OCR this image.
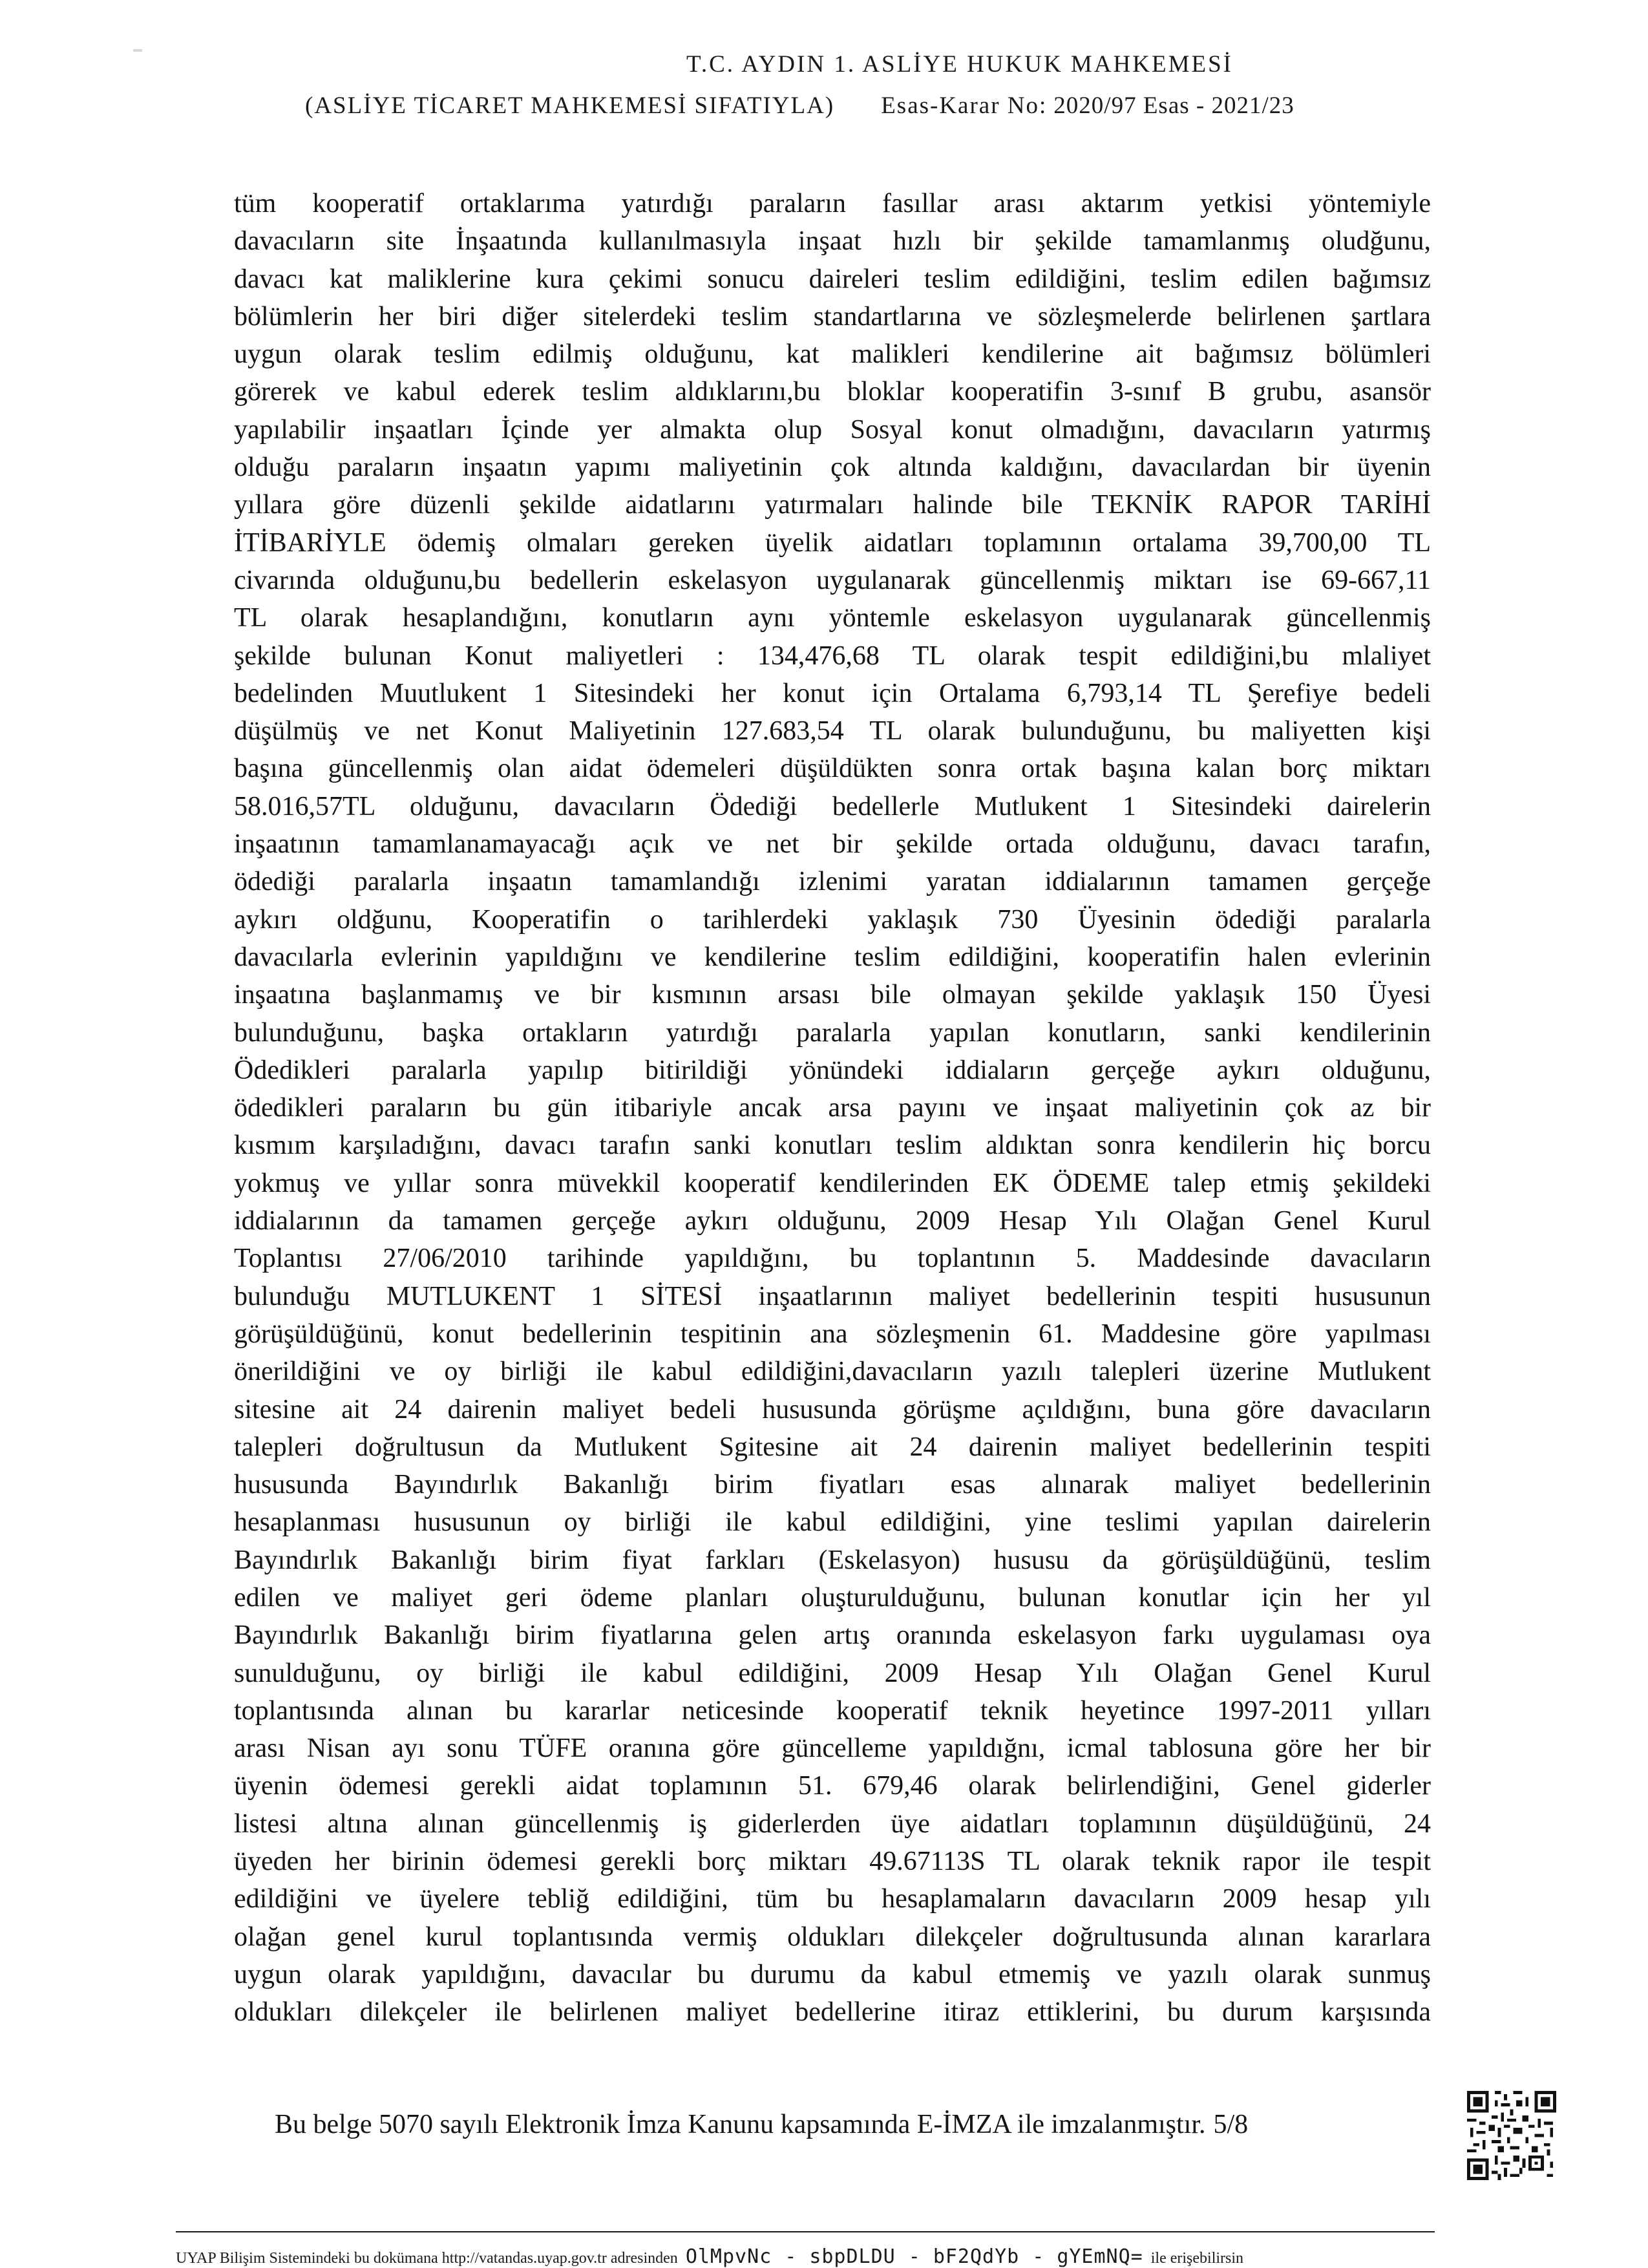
T.C. AYDIN 1. ASLİYE HUKUK MAHKEMESİ
(ASLİYE TİCARET MAHKEMESİ SIFATIYLA) Esas-Karar No: 2020/97 Esas - 2021/23
tüm kooperatif ortaklarıma yatırdığı paraların fasıllar arası aktarım yetkisi yöntemiyle
davacıların site İnşaatında kullanılmasıyla inşaat hızlı bir şekilde tamamlanmış oludğunu,
davacı kat maliklerine kura çekimi sonucu daireleri teslim edildiğini, teslim edilen bağımsız
bölümlerin her biri diğer sitelerdeki teslim standartlarına ve sözleşmelerde belirlenen şartlara
uygun olarak teslim edilmiş olduğunu, kat malikleri kendilerine ait bağımsız bölümleri
görerek ve kabul ederek teslim aldıklarını,bu bloklar kooperatifin 3-sınıf B grubu, asansör
yapılabilir inşaatları İçinde yer almakta olup Sosyal konut olmadığını, davacıların yatırmış
olduğu paraların inşaatın yapımı maliyetinin çok altında kaldığını, davacılardan bir üyenin
yıllara göre düzenli şekilde aidatlarını yatırmaları halinde bile TEKNİK RAPOR TARİHİ
İTİBARİYLE ödemiş olmaları gereken üyelik aidatları toplamının ortalama 39,700,00 TL
civarında olduğunu,bu bedellerin eskelasyon uygulanarak güncellenmiş miktarı ise 69-667,11
TL olarak hesaplandığını, konutların aynı yöntemle eskelasyon uygulanarak güncellenmiş
şekilde bulunan Konut maliyetleri : 134,476,68 TL olarak tespit edildiğini,bu mlaliyet
bedelinden Muutlukent 1 Sitesindeki her konut için Ortalama 6,793,14 TL Şerefiye bedeli
düşülmüş ve net Konut Maliyetinin 127.683,54 TL olarak bulunduğunu, bu maliyetten kişi
başına güncellenmiş olan aidat ödemeleri düşüldükten sonra ortak başına kalan borç miktarı
58.016,57TL olduğunu, davacıların Ödediği bedellerle Mutlukent 1 Sitesindeki dairelerin
inşaatının tamamlanamayacağı açık ve net bir şekilde ortada olduğunu, davacı tarafın,
ödediği paralarla inşaatın tamamlandığı izlenimi yaratan iddialarının tamamen gerçeğe
aykırı oldğunu, Kooperatifin o tarihlerdeki yaklaşık 730 Üyesinin ödediği paralarla
davacılarla evlerinin yapıldığını ve kendilerine teslim edildiğini, kooperatifin halen evlerinin
inşaatına başlanmamış ve bir kısmının arsası bile olmayan şekilde yaklaşık 150 Üyesi
bulunduğunu, başka ortakların yatırdığı paralarla yapılan konutların, sanki kendilerinin
Ödedikleri paralarla yapılıp bitirildiği yönündeki iddiaların gerçeğe aykırı olduğunu,
ödedikleri paraların bu gün itibariyle ancak arsa payını ve inşaat maliyetinin çok az bir
kısmım karşıladığını, davacı tarafın sanki konutları teslim aldıktan sonra kendilerin hiç borcu
yokmuş ve yıllar sonra müvekkil kooperatif kendilerinden EK ÖDEME talep etmiş şekildeki
iddialarının da tamamen gerçeğe aykırı olduğunu, 2009 Hesap Yılı Olağan Genel Kurul
Toplantısı 27/06/2010 tarihinde yapıldığını, bu toplantının 5. Maddesinde davacıların
bulunduğu MUTLUKENT 1 SİTESİ inşaatlarının maliyet bedellerinin tespiti hususunun
görüşüldüğünü, konut bedellerinin tespitinin ana sözleşmenin 61. Maddesine göre yapılması
önerildiğini ve oy birliği ile kabul edildiğini,davacıların yazılı talepleri üzerine Mutlukent
sitesine ait 24 dairenin maliyet bedeli hususunda görüşme açıldığını, buna göre davacıların
talepleri doğrultusun da Mutlukent Sgitesine ait 24 dairenin maliyet bedellerinin tespiti
hususunda Bayındırlık Bakanlığı birim fiyatları esas alınarak maliyet bedellerinin
hesaplanması hususunun oy birliği ile kabul edildiğini, yine teslimi yapılan dairelerin
Bayındırlık Bakanlığı birim fiyat farkları (Eskelasyon) hususu da görüşüldüğünü, teslim
edilen ve maliyet geri ödeme planları oluşturulduğunu, bulunan konutlar için her yıl
Bayındırlık Bakanlığı birim fiyatlarına gelen artış oranında eskelasyon farkı uygulaması oya
sunulduğunu, oy birliği ile kabul edildiğini, 2009 Hesap Yılı Olağan Genel Kurul
toplantısında alınan bu kararlar neticesinde kooperatif teknik heyetince 1997-2011 yılları
arası Nisan ayı sonu TÜFE oranına göre güncelleme yapıldığnı, icmal tablosuna göre her bir
üyenin ödemesi gerekli aidat toplamının 51. 679,46 olarak belirlendiğini, Genel giderler
listesi altına alınan güncellenmiş iş giderlerden üye aidatları toplamının düşüldüğünü, 24
üyeden her birinin ödemesi gerekli borç miktarı 49.67113S TL olarak teknik rapor ile tespit
edildiğini ve üyelere tebliğ edildiğini, tüm bu hesaplamaların davacıların 2009 hesap yılı
olağan genel kurul toplantısında vermiş oldukları dilekçeler doğrultusunda alınan kararlara
uygun olarak yapıldığını, davacılar bu durumu da kabul etmemiş ve yazılı olarak sunmuş
oldukları dilekçeler ile belirlenen maliyet bedellerine itiraz ettiklerini, bu durum karşısında
Bu belge 5070 sayılı Elektronik İmza Kanunu kapsamında E-İMZA ile imzalanmıştır. 5/8
UYAP Bilişim Sistemindeki bu dokümana http://vatandas.uyap.gov.tr adresinden OlMpvNc - sbpDLDU - bF2QdYb - gYEmNQ= ile erişebilirsin
